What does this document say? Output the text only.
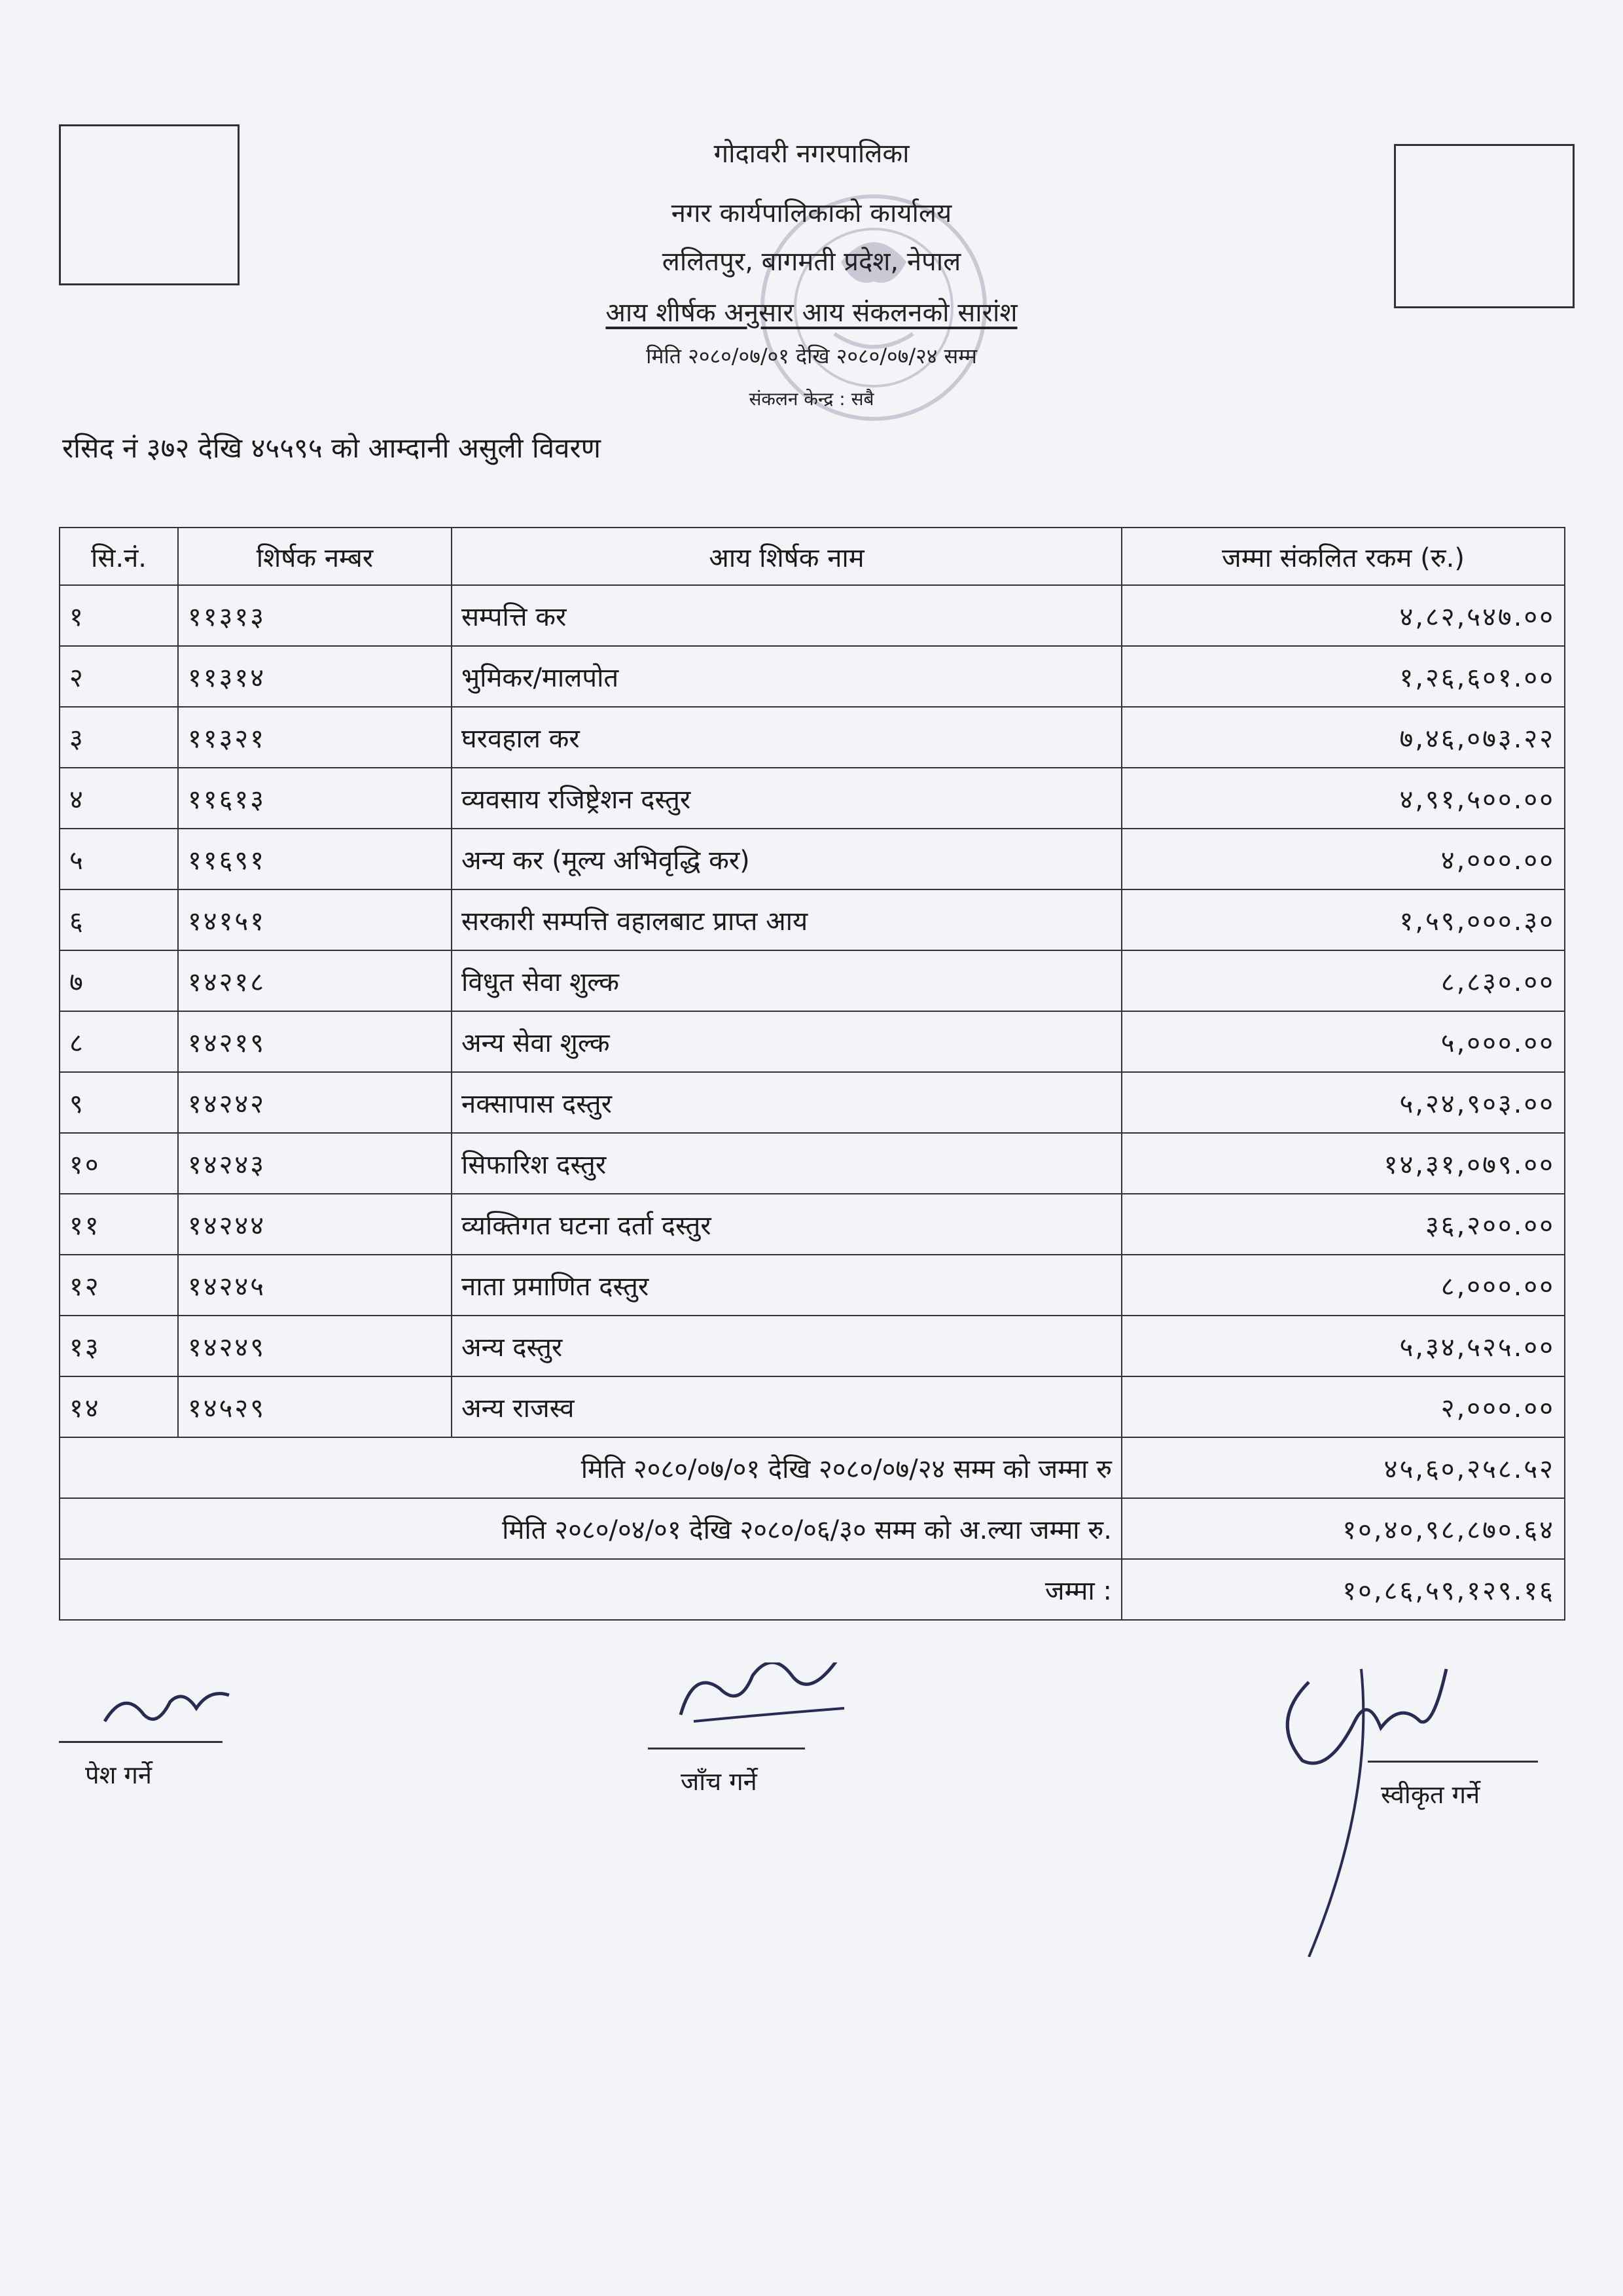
गोदावरी नगरपालिका
नगर कार्यपालिकाको कार्यालय
ललितपुर, बागमती प्रदेश, नेपाल
आय शीर्षक अनुसार आय संकलनको सारांश
मिति २०८०/०७/०१ देखि २०८०/०७/२४ सम्म
संकलन केन्द्र : सबै
रसिद नं ३७२ देखि ४५५९५ को आम्दानी असुली विवरण
सि.नं.	शिर्षक नम्बर	आय शिर्षक नाम	जम्मा संकलित रकम (रु.)
१	११३१३	सम्पत्ति कर	४,८२,५४७.००
२	११३१४	भुमिकर/मालपोत	१,२६,६०१.००
३	११३२१	घरवहाल कर	७,४६,०७३.२२
४	११६१३	व्यवसाय रजिष्ट्रेशन दस्तुर	४,९१,५००.००
५	११६९१	अन्य कर (मूल्य अभिवृद्धि कर)	४,०००.००
६	१४१५१	सरकारी सम्पत्ति वहालबाट प्राप्त आय	१,५९,०००.३०
७	१४२१८	विधुत सेवा शुल्क	८,८३०.००
८	१४२१९	अन्य सेवा शुल्क	५,०००.००
९	१४२४२	नक्सापास दस्तुर	५,२४,९०३.००
१०	१४२४३	सिफारिश दस्तुर	१४,३१,०७९.००
११	१४२४४	व्यक्तिगत घटना दर्ता दस्तुर	३६,२००.००
१२	१४२४५	नाता प्रमाणित दस्तुर	८,०००.००
१३	१४२४९	अन्य दस्तुर	५,३४,५२५.००
१४	१४५२९	अन्य राजस्व	२,०००.००
मिति २०८०/०७/०१ देखि २०८०/०७/२४ सम्म को जम्मा रु			४५,६०,२५८.५२
मिति २०८०/०४/०१ देखि २०८०/०६/३० सम्म को अ.ल्या जम्मा रु.			१०,४०,९८,८७०.६४
जम्मा :			१०,८६,५९,१२९.१६
पेश गर्ने	जाँच गर्ने	स्वीकृत गर्ने
